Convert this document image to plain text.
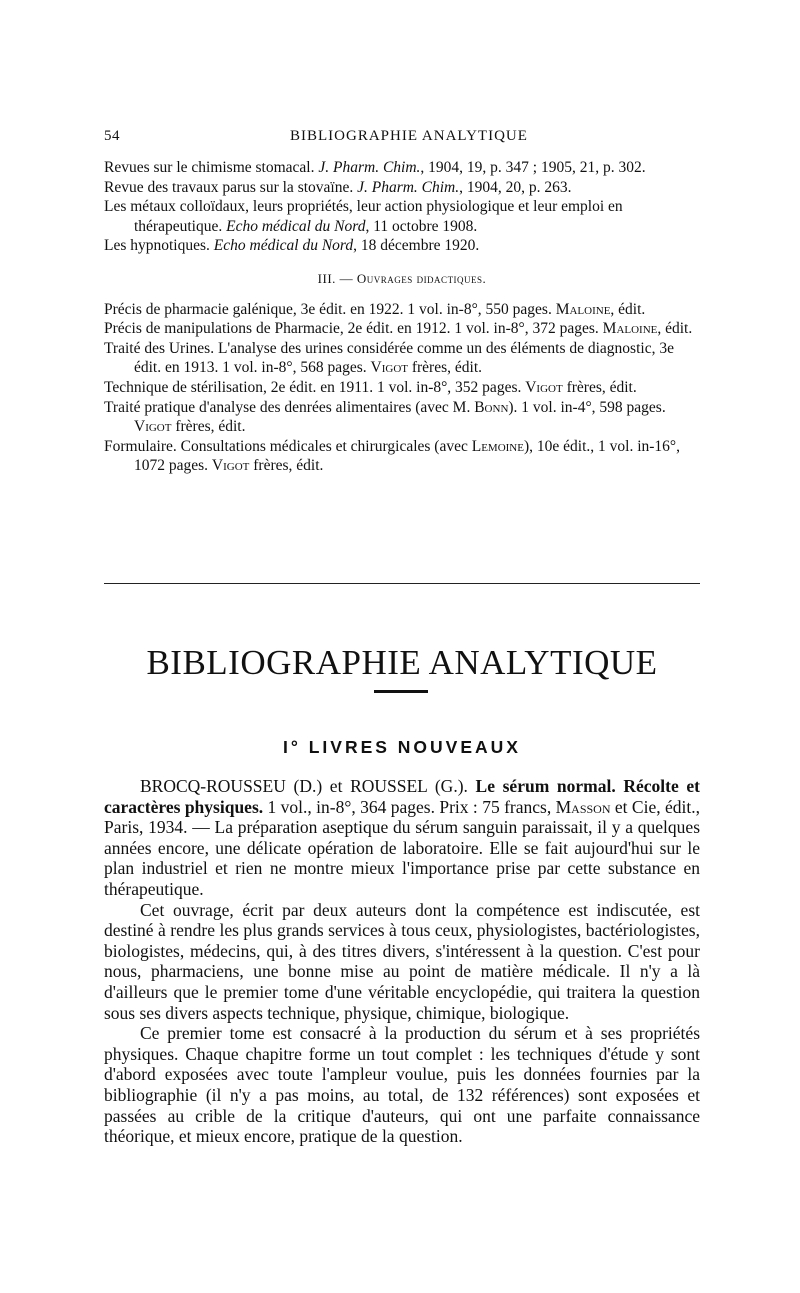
54	BIBLIOGRAPHIE ANALYTIQUE

Revues sur le chimisme stomacal. J. Pharm. Chim., 1904, 19, p. 347 ; 1905, 21, p. 302.

Revue des travaux parus sur la stovaïne. J. Pharm. Chim., 1904, 20, p. 263.

Les métaux colloïdaux, leurs propriétés, leur action physiologique et leur emploi en thérapeutique. Echo médical du Nord, 11 octobre 1908.

Les hypnotiques. Echo médical du Nord, 18 décembre 1920.

III. — Ouvrages didactiques.

Précis de pharmacie galénique, 3e édit. en 1922. 1 vol. in-8°, 550 pages. Maloine, édit.

Précis de manipulations de Pharmacie, 2e édit. en 1912. 1 vol. in-8°, 372 pages. Maloine, édit.

Traité des Urines. L'analyse des urines considérée comme un des éléments de diagnostic, 3e édit. en 1913. 1 vol. in-8°, 568 pages. Vigot frères, édit.

Technique de stérilisation, 2e édit. en 1911. 1 vol. in-8°, 352 pages. Vigot frères, édit.

Traité pratique d'analyse des denrées alimentaires (avec M. Bonn). 1 vol. in-4°, 598 pages. Vigot frères, édit.

Formulaire. Consultations médicales et chirurgicales (avec Lemoine), 10e édit., 1 vol. in-16°, 1072 pages. Vigot frères, édit.

BIBLIOGRAPHIE ANALYTIQUE
I° LIVRES NOUVEAUX

BROCQ-ROUSSEU (D.) et ROUSSEL (G.). Le sérum normal. Récolte et caractères physiques. 1 vol., in-8°, 364 pages. Prix : 75 francs, Masson et Cie, édit., Paris, 1934. — La préparation aseptique du sérum sanguin paraissait, il y a quelques années encore, une délicate opération de laboratoire. Elle se fait aujourd'hui sur le plan industriel et rien ne montre mieux l'importance prise par cette substance en thérapeutique.

Cet ouvrage, écrit par deux auteurs dont la compétence est indiscutée, est destiné à rendre les plus grands services à tous ceux, physiologistes, bactériologistes, biologistes, médecins, qui, à des titres divers, s'intéressent à la question. C'est pour nous, pharmaciens, une bonne mise au point de matière médicale. Il n'y a là d'ailleurs que le premier tome d'une véritable encyclopédie, qui traitera la question sous ses divers aspects technique, physique, chimique, biologique.

Ce premier tome est consacré à la production du sérum et à ses propriétés physiques. Chaque chapitre forme un tout complet : les techniques d'étude y sont d'abord exposées avec toute l'ampleur voulue, puis les données fournies par la bibliographie (il n'y a pas moins, au total, de 132 références) sont exposées et passées au crible de la critique d'auteurs, qui ont une parfaite connaissance théorique, et mieux encore, pratique de la question.
